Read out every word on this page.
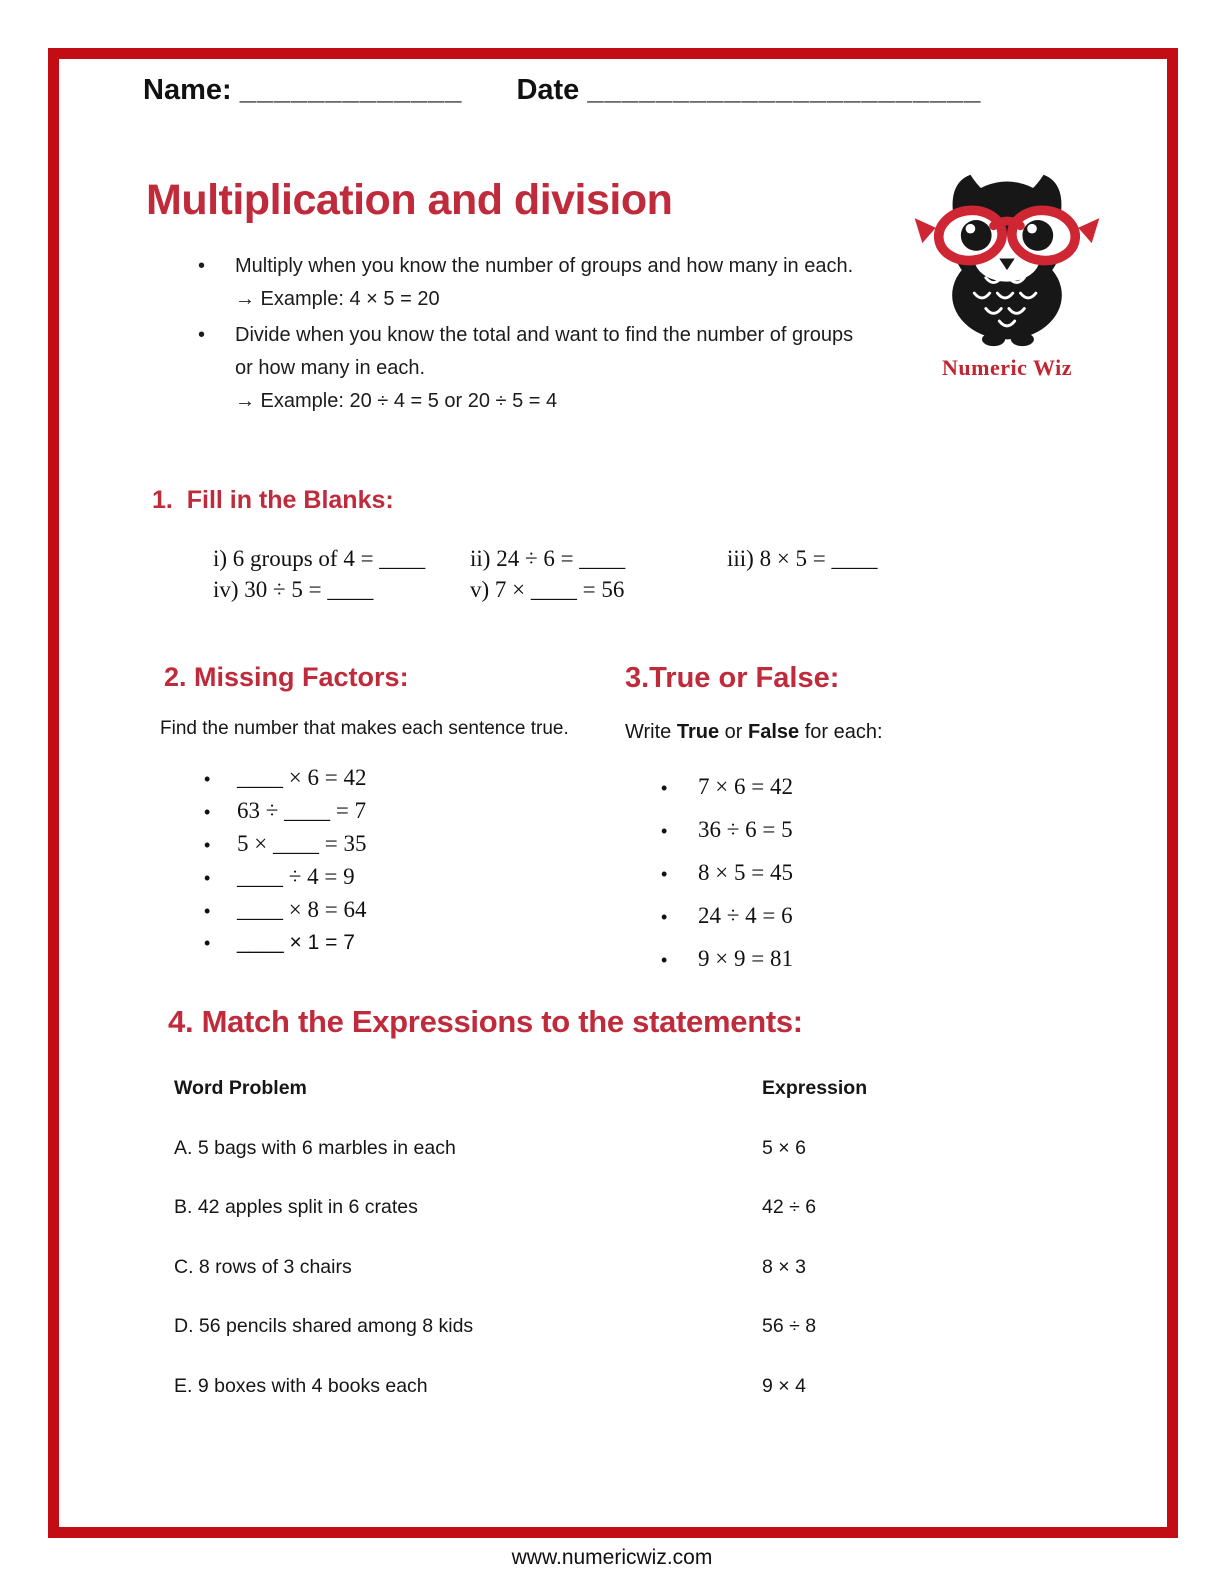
Name: _____________ Date _______________________
Multiplication and division
Numeric Wiz
•	Multiply when you know the number of groups and how many in each.
→ Example: 4 × 5 = 20
•	Divide when you know the total and want to find the number of groups or how many in each.
→ Example: 20 ÷ 4 = 5 or 20 ÷ 5 = 4
1.  Fill in the Blanks:
i) 6 groups of 4 = ____	ii) 24 ÷ 6 = ____	iii) 8 × 5 = ____
iv) 30 ÷ 5 = ____	v) 7 × ____ = 56
2. Missing Factors:
Find the number that makes each sentence true.
•	____ × 6 = 42
•	63 ÷ ____ = 7
•	5 × ____ = 35
•	____ ÷ 4 = 9
•	____ × 8 = 64
•	____ × 1 = 7
3.True or False:
Write True or False for each:
•	7 × 6 = 42
•	36 ÷ 6 = 5
•	8 × 5 = 45
•	24 ÷ 4 = 6
•	9 × 9 = 81
4. Match the Expressions to the statements:
Word Problem	Expression
A. 5 bags with 6 marbles in each	5 × 6
B. 42 apples split in 6 crates	42 ÷ 6
C. 8 rows of 3 chairs	8 × 3
D. 56 pencils shared among 8 kids	56 ÷ 8
E. 9 boxes with 4 books each	9 × 4
www.numericwiz.com
